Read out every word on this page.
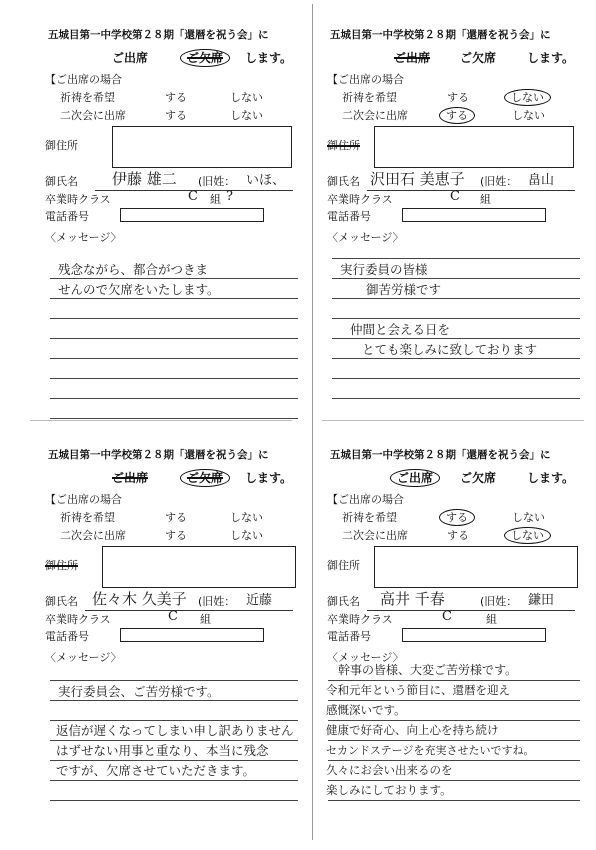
五城目第一中学校第２８期「還暦を祝う会」に
ご出席	ご欠席	します。
【ご出席の場合
祈祷を希望	する	しない
二次会に出席	する	しない
御住所
御氏名 伊藤 雄二 (旧姓： いほ、
卒業時クラス	C 組 ?
電話番号
〈メッセージ〉
残念ながら、都合がつきま
せんので欠席をいたします。
五城目第一中学校第２８期「還暦を祝う会」に
ご出席 ご欠席	します。
【ご出席の場合
祈祷を希望	する	しない
二次会に出席	する	しない
御住所
御氏名 沢田石 美恵子 (旧姓： 畠山
卒業時クラス	C 組
電話番号
〈メッセージ〉
実行委員の皆様
御苦労様です
仲間と会える日を
とても楽しみに致しております
五城目第一中学校第２８期「還暦を祝う会」に
ご出席	ご欠席	します。
【ご出席の場合
祈祷を希望	する	しない
二次会に出席	する	しない
御住所
御氏名 佐々木 久美子 (旧姓： 近藤
卒業時クラス	C 組
電話番号
〈メッセージ〉
実行委員会、ご苦労様です。
返信が遅くなってしまい申し訳ありません
はずせない用事と重なり、本当に残念
ですが、欠席させていただきます。
五城目第一中学校第２８期「還暦を祝う会」に
ご出席	ご欠席	します。
【ご出席の場合
祈祷を希望	する	しない
二次会に出席	する	しない
御住所
御氏名 高井 千春	(旧姓： 鎌田
卒業時クラス	C	組
電話番号
〈メッセージ〉
幹事の皆様、大変ご苦労様です。
令和元年という節目に、還暦を迎え
感慨深いです。
健康で好奇心、向上心を持ち続け
セカンドステージを充実させたいですね。
久々にお会い出来るのを
楽しみにしております。
